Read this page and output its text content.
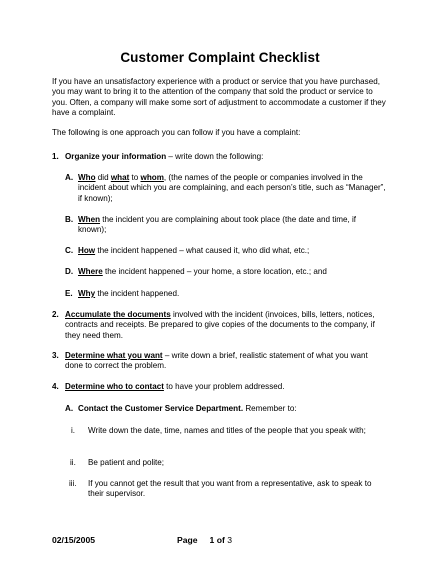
Customer Complaint Checklist

If you have an unsatisfactory experience with a product or service that you have purchased, you may want to bring it to the attention of the company that sold the product or service to you. Often, a company will make some sort of adjustment to accommodate a customer if they have a complaint.

The following is one approach you can follow if you have a complaint:

1. Organize your information – write down the following:

A. Who did what to whom, (the names of the people or companies involved in the incident about which you are complaining, and each person’s title, such as “Manager”, if known);

B. When the incident you are complaining about took place (the date and time, if known);

C. How the incident happened – what caused it, who did what, etc.;

D. Where the incident happened – your home, a store location, etc.; and

E. Why the incident happened.

2. Accumulate the documents involved with the incident (invoices, bills, letters, notices, contracts and receipts. Be prepared to give copies of the documents to the company, if they need them.

3. Determine what you want – write down a brief, realistic statement of what you want done to correct the problem.

4. Determine who to contact to have your problem addressed.

A. Contact the Customer Service Department. Remember to:

i. Write down the date, time, names and titles of the people that you speak with;

ii. Be patient and polite;

iii. If you cannot get the result that you want from a representative, ask to speak to their supervisor.

02/15/2005	Page 1 of 3
